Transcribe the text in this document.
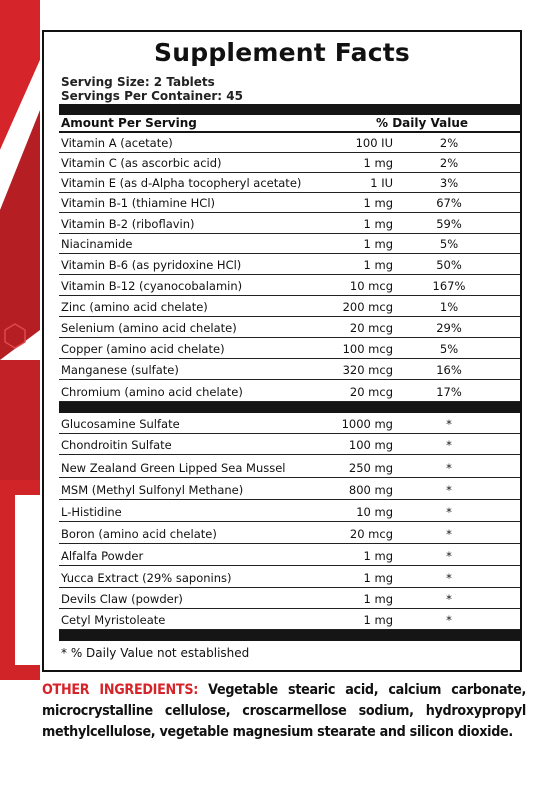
Supplement Facts
Serving Size: 2 Tablets
Servings Per Container: 45
Amount Per Serving	% Daily Value
Vitamin A (acetate)	100 IU	2%
Vitamin C (as ascorbic acid)	1 mg	2%
Vitamin E (as d-Alpha tocopheryl acetate)	1 IU	3%
Vitamin B-1 (thiamine HCl)	1 mg	67%
Vitamin B-2 (riboflavin)	1 mg	59%
Niacinamide	1 mg	5%
Vitamin B-6 (as pyridoxine HCl)	1 mg	50%
Vitamin B-12 (cyanocobalamin)	10 mcg	167%
Zinc (amino acid chelate)	200 mcg	1%
Selenium (amino acid chelate)	20 mcg	29%
Copper (amino acid chelate)	100 mcg	5%
Manganese (sulfate)	320 mcg	16%
Chromium (amino acid chelate)	20 mcg	17%
Glucosamine Sulfate	1000 mg	*
Chondroitin Sulfate	100 mg	*
New Zealand Green Lipped Sea Mussel	250 mg	*
MSM (Methyl Sulfonyl Methane)	800 mg	*
L-Histidine	10 mg	*
Boron (amino acid chelate)	20 mcg	*
Alfalfa Powder	1 mg	*
Yucca Extract (29% saponins)	1 mg	*
Devils Claw (powder)	1 mg	*
Cetyl Myristoleate	1 mg	*
* % Daily Value not established
OTHER INGREDIENTS: Vegetable stearic acid, calcium carbonate, microcrystalline cellulose, croscarmellose sodium, hydroxypropyl methylcellulose, vegetable magnesium stearate and silicon dioxide.
